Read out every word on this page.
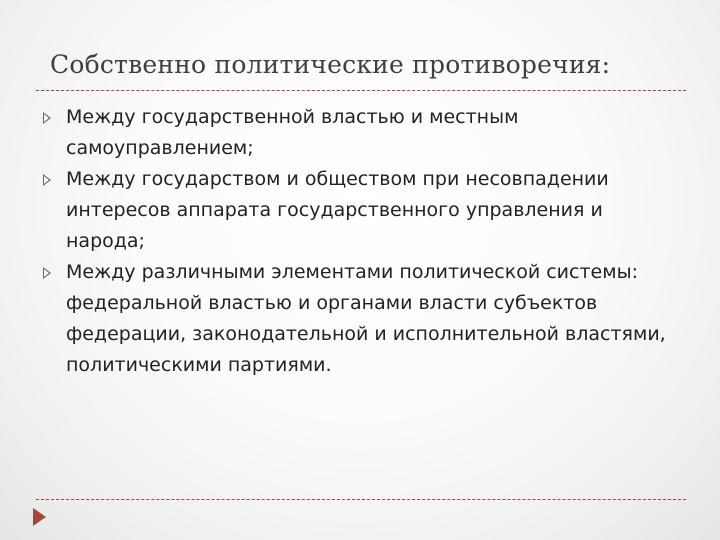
Собственно политические противоречия:
Между государственной властью и местным самоуправлением;
Между государством и обществом при несовпадении интересов аппарата государственного управления и народа;
Между различными элементами политической системы: федеральной властью и органами власти субъектов федерации, законодательной и исполнительной властями, политическими партиями.
